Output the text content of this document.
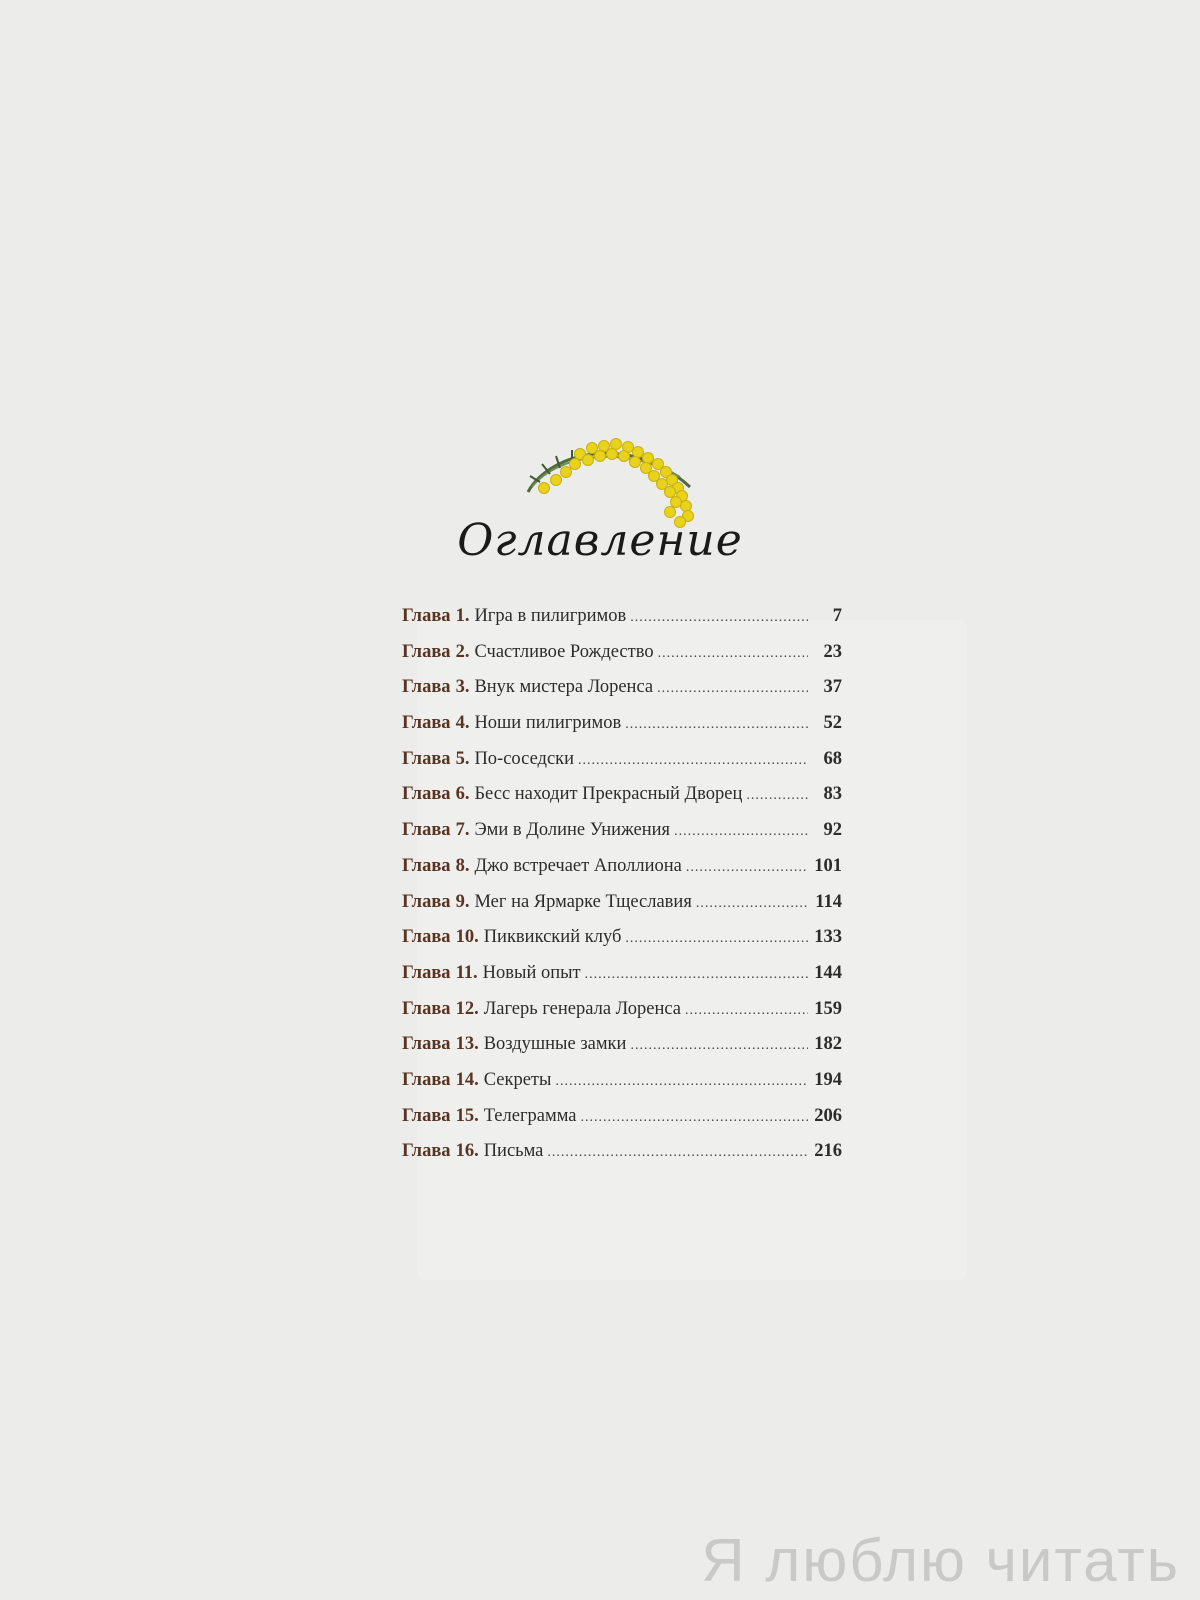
Оглавление
Глава 1. Игра в пилигримов .....	7
Глава 2. Счастливое Рождество .....	23
Глава 3. Внук мистера Лоренса .....	37
Глава 4. Ноши пилигримов .....	52
Глава 5. По-соседски .....	68
Глава 6. Бесс находит Прекрасный Дворец .....	83
Глава 7. Эми в Долине Унижения .....	92
Глава 8. Джо встречает Аполлиона .....	101
Глава 9. Мег на Ярмарке Тщеславия .....	114
Глава 10. Пиквикский клуб .....	133
Глава 11. Новый опыт .....	144
Глава 12. Лагерь генерала Лоренса .....	159
Глава 13. Воздушные замки .....	182
Глава 14. Секреты .....	194
Глава 15. Телеграмма .....	206
Глава 16. Письма .....	216
Я люблю читать
